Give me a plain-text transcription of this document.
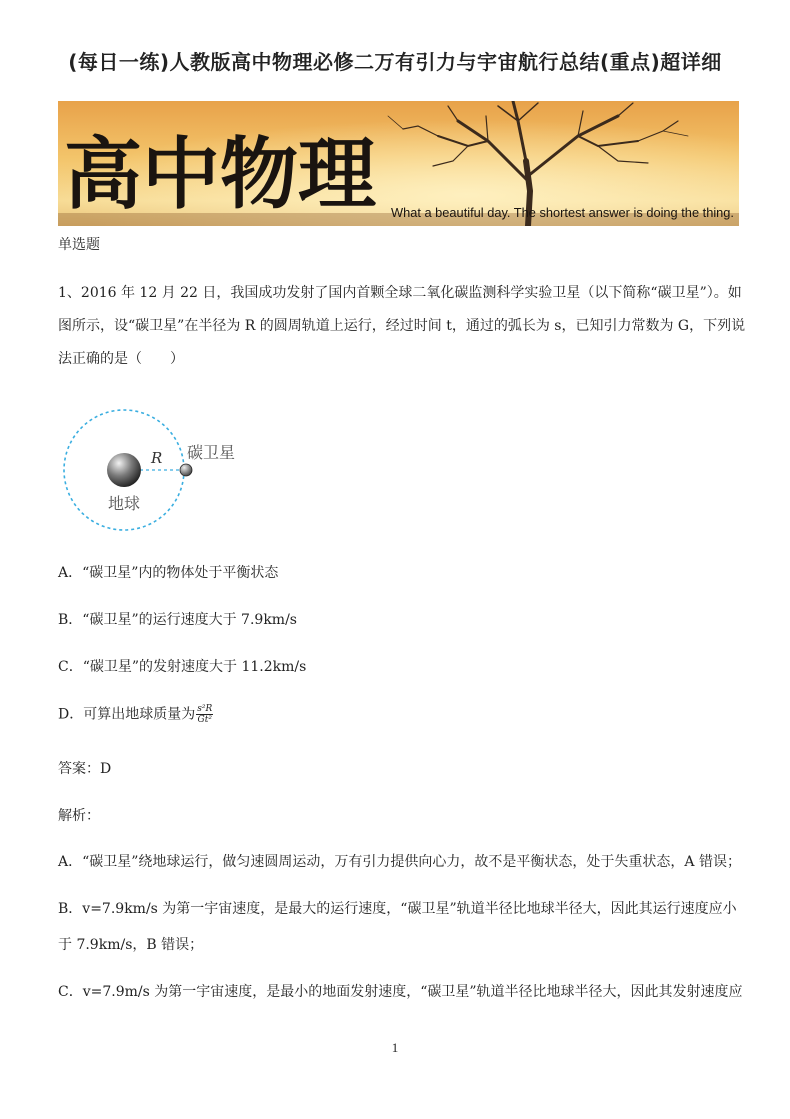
(每日一练)人教版高中物理必修二万有引力与宇宙航行总结(重点)超详细
高中物理 What a beautiful day. The shortest answer is doing the thing.
单选题
1、2016 年 12 月 22 日，我国成功发射了国内首颗全球二氧化碳监测科学实验卫星（以下简称“碳卫星”）。如
图所示，设“碳卫星”在半径为 R 的圆周轨道上运行，经过时间 t，通过的弧长为 s，已知引力常数为 G，下列说
法正确的是（　　）
R 碳卫星
地球
A．“碳卫星”内的物体处于平衡状态
B．“碳卫星”的运行速度大于 7.9km/s
C．“碳卫星”的发射速度大于 11.2km/s
D．可算出地球质量为 $\frac{\text{s²R}}{\text{Gt²}}$
答案：D
解析：
A．“碳卫星”绕地球运行，做匀速圆周运动，万有引力提供向心力，故不是平衡状态，处于失重状态，A 错误；
B．v=7.9km/s 为第一宇宙速度，是最大的运行速度，“碳卫星”轨道半径比地球半径大，因此其运行速度应小
于 7.9km/s，B 错误；
C．v=7.9m/s 为第一宇宙速度，是最小的地面发射速度，“碳卫星”轨道半径比地球半径大，因此其发射速度应
1
